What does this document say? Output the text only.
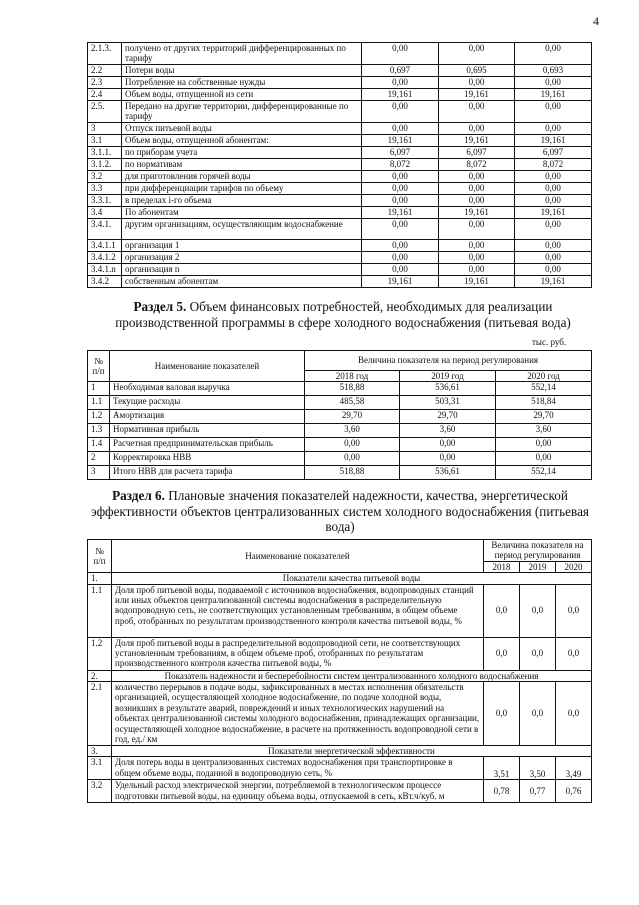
4
2.1.3.	получено от других территорий дифференцированных по тарифу	0,00	0,00	0,00
2.2	Потери воды	0,697	0,695	0,693
2.3	Потребление на собственные нужды	0,00	0,00	0,00
2.4	Объем воды, отпущенной из сети	19,161	19,161	19,161
2.5.	Передано на другие территории, дифференцированные по тарифу	0,00	0,00	0,00
3	Отпуск питьевой воды	0,00	0,00	0,00
3.1	Объем воды, отпущенной абонентам:	19,161	19,161	19,161
3.1.1.	по приборам учета	6,097	6,097	6,097
3.1.2.	по нормативам	8,072	8,072	8,072
3.2	для приготовления горячей воды	0,00	0,00	0,00
3.3	при дифференциации тарифов по объему	0,00	0,00	0,00
3.3.1.	в пределах i-го объема	0,00	0,00	0,00
3.4	По абонентам	19,161	19,161	19,161
3.4.1.	другим организациям, осуществляющим водоснабжение	0,00	0,00	0,00
3.4.1.1	организация 1	0,00	0,00	0,00
3.4.1.2	организация 2	0,00	0,00	0,00
3.4.1.n	организация n	0,00	0,00	0,00
3.4.2	собственным абонентам	19,161	19,161	19,161
Раздел 5. Объем финансовых потребностей, необходимых для реализации производственной программы в сфере холодного водоснабжения (питьевая вода)
тыс. руб.
№ п/п	Наименование показателей	Величина показателя на период регулирования		
		2018 год	2019 год	2020 год
1	Необходимая валовая выручка	518,88	536,61	552,14
1.1	Текущие расходы	485,58	503,31	518,84
1.2	Амортизация	29,70	29,70	29,70
1.3	Нормативная прибыль	3,60	3,60	3,60
1.4	Расчетная предпринимательская прибыль	0,00	0,00	0,00
2	Корректировка НВВ	0,00	0,00	0,00
3	Итого НВВ для расчета тарифа	518,88	536,61	552,14
Раздел 6. Плановые значения показателей надежности, качества, энергетической эффективности объектов централизованных систем холодного водоснабжения (питьевая вода)
№ п/п	Наименование показателей	Величина показателя на период регулирования		
		2018	2019	2020
1.	Показатели качества питьевой воды			
1.1	Доля проб питьевой воды, подаваемой с источников водоснабжения, водопроводных станций или иных объектов централизованной системы водоснабжения в распределительную водопроводную сеть, не соответствующих установленным требованиям, в общем объеме проб, отобранных по результатам производственного контроля качества питьевой воды, %	0,0	0,0	0,0
1.2	Доля проб питьевой воды в распределительной водопроводной сети, не соответствующих установленным требованиям, в общем объеме проб, отобранных по результатам производственного контроля качества питьевой воды, %	0,0	0,0	0,0
2.	Показатель надежности и бесперебойности систем централизованного холодного водоснабжения			
2.1	количество перерывов в подаче воды, зафиксированных в местах исполнения обязательств организацией, осуществляющей холодное водоснабжение, по подаче холодной воды, возникших в результате аварий, повреждений и иных технологических нарушений на объектах централизованной системы холодного водоснабжения, принадлежащих организации, осуществляющей холодное водоснабжение, в расчете на протяженность водопроводной сети в год, ед./ км	0,0	0,0	0,0
3.	Показатели энергетической эффективности			
3.1	Доля потерь воды в централизованных системах водоснабжения при транспортировке в общем объеме воды, поданной в водопроводную сеть, %	3,51	3,50	3,49
3.2	Удельный расход электрической энергии, потребляемой в технологическом процессе подготовки питьевой воды, на единицу объема воды, отпускаемой в сеть, кВт.ч/куб. м	0,78	0,77	0,76
